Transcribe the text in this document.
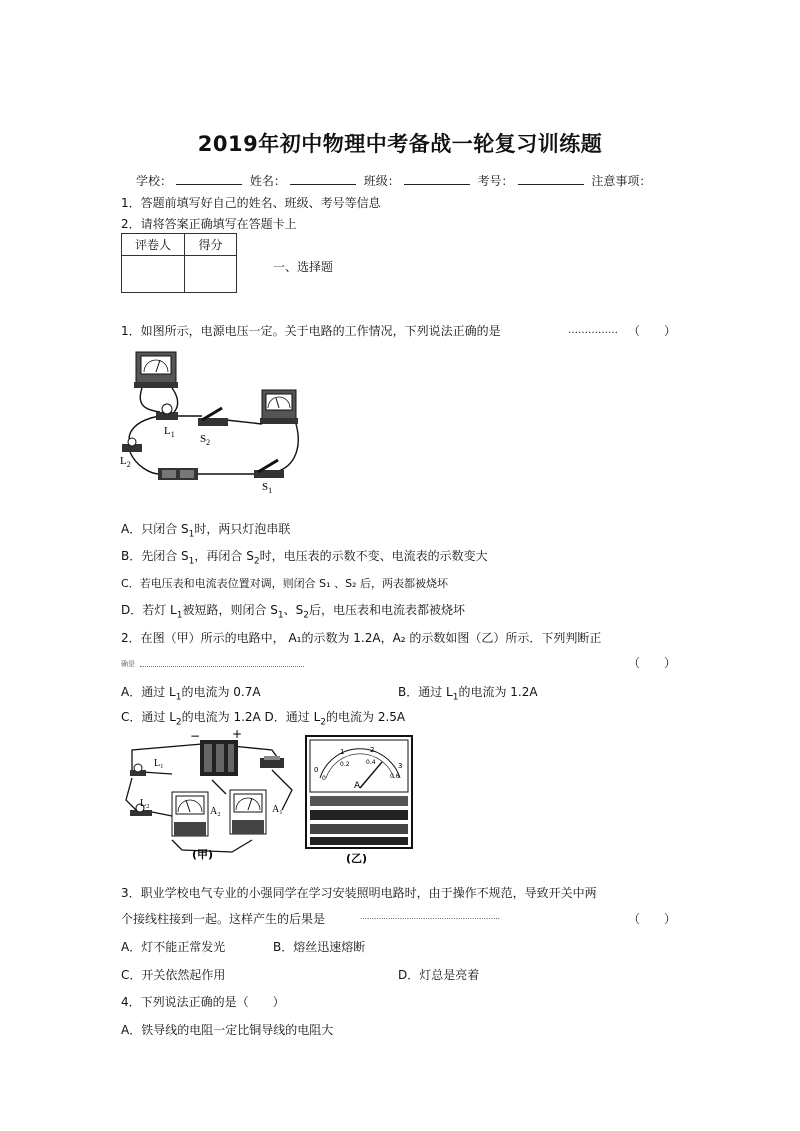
2019年初中物理中考备战一轮复习训练题
学校：	姓名：	班级：	考号：	注意事项：
1．答题前填写好自己的姓名、班级、考号等信息
2．请将答案正确填写在答题卡上
评卷人	得分

一、选择题
1．如图所示，电源电压一定。关于电路的工作情况，下列说法正确的是	…………… （　　）
$L_1$
$L_2$
$S_2$
$S_1$
A．只闭合 $S_1$时，两只灯泡串联
B．先闭合 $S_1$，再闭合 $S_2$时，电压表的示数不变、电流表的示数变大
C．若电压表和电流表位置对调，则闭合 S₁ 、S₂ 后，两表都被烧坏
D．若灯 $L_1$被短路，则闭合 $S_1$、$S_2$后，电压表和电流表都被烧坏
2．在图（甲）所示的电路中， A₁的示数为 1.2A，A₂ 的示数如图（乙）所示．下列判断正
确是	（　　）
A．通过 $L_1$的电流为 0.7A	B．通过 $L_1$的电流为 1.2A
C．通过 $L_2$的电流为 1.2A D．通过 $L_2$的电流为 2.5A
L₁
L₂
−	+
A₂	A₁
(甲)
0
1	2
3
0
0.2	0.4
0.6
A
(乙)
3．职业学校电气专业的小强同学在学习安装照明电路时，由于操作不规范，导致开关中两
个接线柱接到一起。这样产生的后果是	……………………………………………………	（　　）
A．灯不能正常发光	B．熔丝迅速熔断
C．开关依然起作用	D．灯总是亮着
4．下列说法正确的是（　　）
A．铁导线的电阻一定比铜导线的电阻大
